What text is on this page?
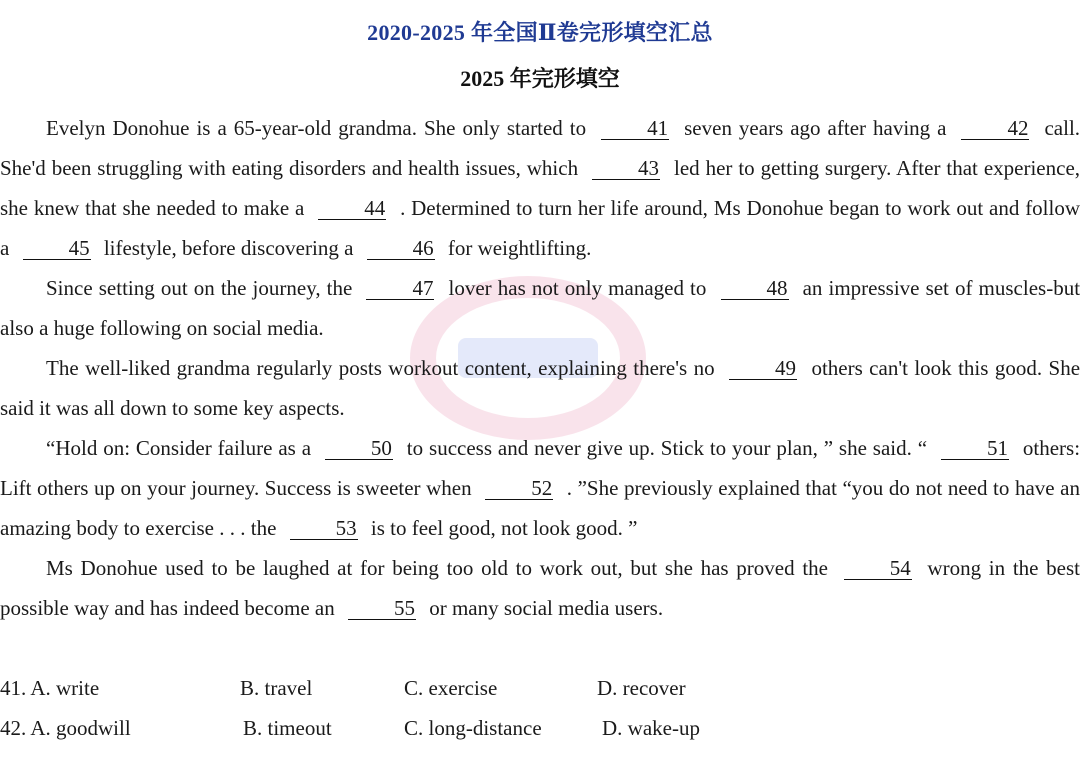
2020-2025 年全国Ⅱ卷完形填空汇总
2025 年完形填空

Evelyn Donohue is a 65-year-old grandma. She only started to	41 seven years ago after having a	42 call. She'd been struggling with eating disorders and health issues, which	43 led her to getting surgery. After that experience, she knew that she needed to make a	44 . Determined to turn her life around, Ms Donohue began to work out and follow a	45 lifestyle, before discovering a	46 for weightlifting.

Since setting out on the journey, the	47 lover has not only managed to	48 an impressive set of muscles-but also a huge following on social media.

The well-liked grandma regularly posts workout content, explaining there's no	49 others can't look this good. She said it was all down to some key aspects.

“Hold on: Consider failure as a	50 to success and never give up. Stick to your plan, ” she said. “	51 others: Lift others up on your journey. Success is sweeter when	52 . ”She previously explained that “you do not need to have an amazing body to exercise . . . the	53 is to feel good, not look good. ”

Ms Donohue used to be laughed at for being too old to work out, but she has proved the	54 wrong in the best possible way and has indeed become an	55 or many social media users.

41. A. write	B. travel	C. exercise	D. recover
42. A. goodwill	B. timeout	C. long-distance	D. wake-up
